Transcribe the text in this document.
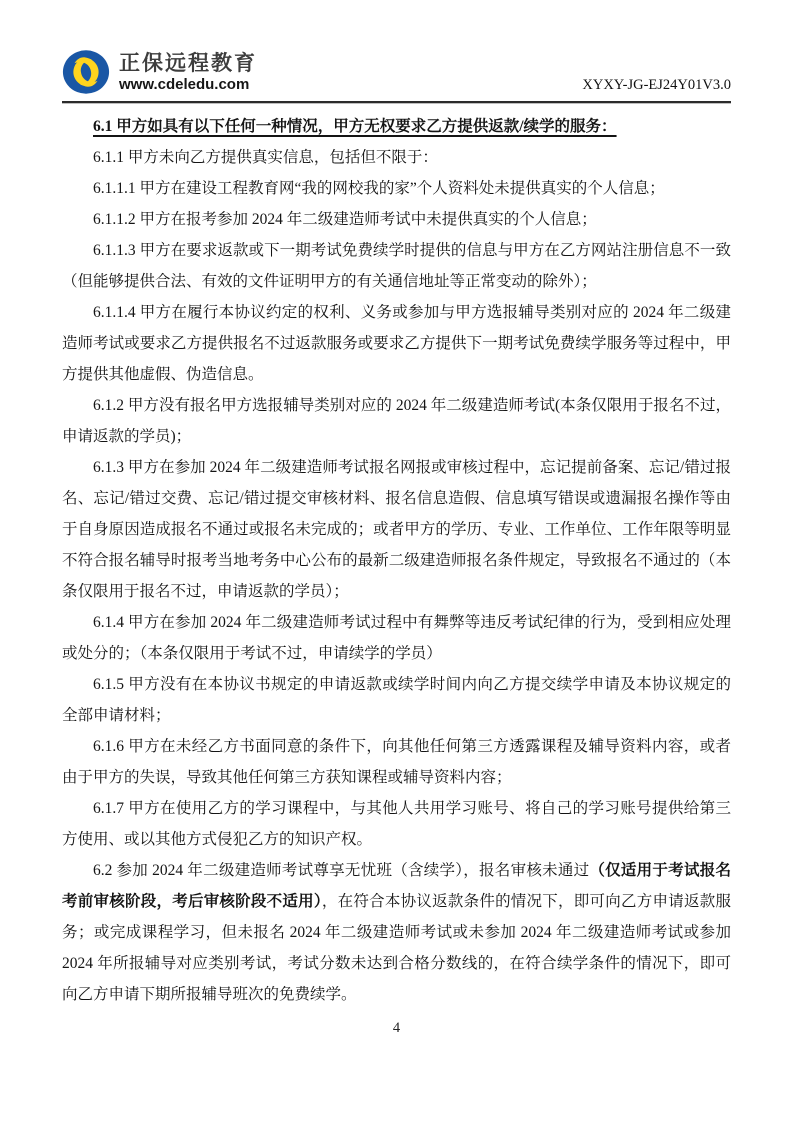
正保远程教育
www.cdeledu.com	XYXY-JG-EJ24Y01V3.0

6.1 甲方如具有以下任何一种情况，甲方无权要求乙方提供返款/续学的服务：

6.1.1 甲方未向乙方提供真实信息，包括但不限于：

6.1.1.1 甲方在建设工程教育网“我的网校我的家”个人资料处未提供真实的个人信息；

6.1.1.2 甲方在报考参加 2024 年二级建造师考试中未提供真实的个人信息；

6.1.1.3 甲方在要求返款或下一期考试免费续学时提供的信息与甲方在乙方网站注册信息不一致（但能够提供合法、有效的文件证明甲方的有关通信地址等正常变动的除外）；

6.1.1.4 甲方在履行本协议约定的权利、义务或参加与甲方选报辅导类别对应的 2024 年二级建造师考试或要求乙方提供报名不过返款服务或要求乙方提供下一期考试免费续学服务等过程中，甲方提供其他虚假、伪造信息。

6.1.2 甲方没有报名甲方选报辅导类别对应的 2024 年二级建造师考试(本条仅限用于报名不过，申请返款的学员)；

6.1.3 甲方在参加 2024 年二级建造师考试报名网报或审核过程中，忘记提前备案、忘记/错过报名、忘记/错过交费、忘记/错过提交审核材料、报名信息造假、信息填写错误或遗漏报名操作等由于自身原因造成报名不通过或报名未完成的；或者甲方的学历、专业、工作单位、工作年限等明显不符合报名辅导时报考当地考务中心公布的最新二级建造师报名条件规定，导致报名不通过的（本条仅限用于报名不过，申请返款的学员）；

6.1.4 甲方在参加 2024 年二级建造师考试过程中有舞弊等违反考试纪律的行为，受到相应处理或处分的；（本条仅限用于考试不过，申请续学的学员）

6.1.5 甲方没有在本协议书规定的申请返款或续学时间内向乙方提交续学申请及本协议规定的全部申请材料；

6.1.6 甲方在未经乙方书面同意的条件下，向其他任何第三方透露课程及辅导资料内容，或者由于甲方的失误，导致其他任何第三方获知课程或辅导资料内容；

6.1.7 甲方在使用乙方的学习课程中，与其他人共用学习账号、将自己的学习账号提供给第三方使用、或以其他方式侵犯乙方的知识产权。

6.2 参加 2024 年二级建造师考试尊享无忧班（含续学），报名审核未通过（仅适用于考试报名考前审核阶段，考后审核阶段不适用），在符合本协议返款条件的情况下，即可向乙方申请返款服务；或完成课程学习，但未报名 2024 年二级建造师考试或未参加 2024 年二级建造师考试或参加 2024 年所报辅导对应类别考试，考试分数未达到合格分数线的，在符合续学条件的情况下，即可向乙方申请下期所报辅导班次的免费续学。

4
